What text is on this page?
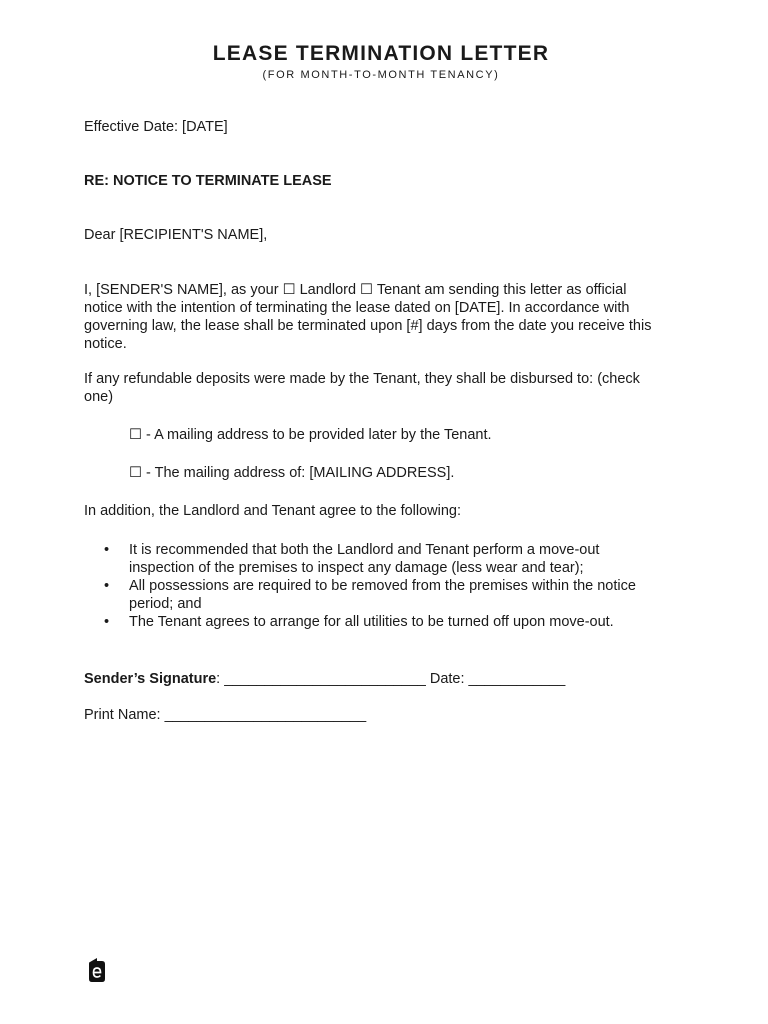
LEASE TERMINATION LETTER
(FOR MONTH-TO-MONTH TENANCY)
Effective Date: [DATE]
RE: NOTICE TO TERMINATE LEASE
Dear [RECIPIENT'S NAME],
I, [SENDER'S NAME], as your ☐ Landlord ☐ Tenant am sending this letter as official
notice with the intention of terminating the lease dated on [DATE]. In accordance with
governing law, the lease shall be terminated upon [#] days from the date you receive this
notice.
If any refundable deposits were made by the Tenant, they shall be disbursed to: (check
one)
☐ - A mailing address to be provided later by the Tenant.
☐ - The mailing address of: [MAILING ADDRESS].
In addition, the Landlord and Tenant agree to the following:
• It is recommended that both the Landlord and Tenant perform a move-out
inspection of the premises to inspect any damage (less wear and tear);
• All possessions are required to be removed from the premises within the notice
period; and
• The Tenant agrees to arrange for all utilities to be turned off upon move-out.
Sender’s Signature: _________________________ Date: ____________
Print Name: _________________________
